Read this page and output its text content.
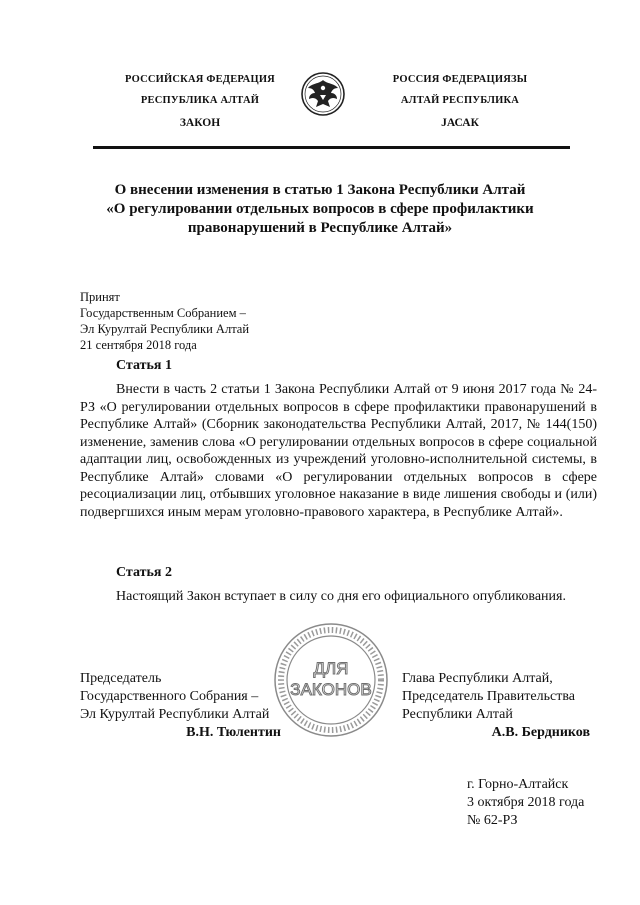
РОССИЙСКАЯ ФЕДЕРАЦИЯ
РЕСПУБЛИКА АЛТАЙ
ЗАКОН
РОССИЯ ФЕДЕРАЦИЯЗЫ
АЛТАЙ РЕСПУБЛИКА
ЈАСАК
О внесении изменения в статью 1 Закона Республики Алтай
«О регулировании отдельных вопросов в сфере профилактики
правонарушений в Республике Алтай»
Принят
Государственным Собранием –
Эл Курултай Республики Алтай
21 сентября 2018 года
Статья 1

Внести в часть 2 статьи 1 Закона Республики Алтай от 9 июня 2017 года № 24-РЗ «О регулировании отдельных вопросов в сфере профилактики правонарушений в Республике Алтай» (Сборник законодательства Республики Алтай, 2017, № 144(150) изменение, заменив слова «О регулировании отдельных вопросов в сфере социальной адаптации лиц, освобожденных из учреждений уголовно-исполнительной системы, в Республике Алтай» словами «О регулировании отдельных вопросов в сфере ресоциализации лиц, отбывших уголовное наказание в виде лишения свободы и (или) подвергшихся иным мерам уголовно-правового характера, в Республике Алтай».

Статья 2

Настоящий Закон вступает в силу со дня его официального опубликования.

ДЛЯ
ЗАКОНОВ
Председатель
Государственного Собрания –
Эл Курултай Республики Алтай
В.Н. Тюлентин
Глава Республики Алтай,
Председатель Правительства
Республики Алтай
А.В. Бердников
г. Горно-Алтайск
3 октября 2018 года
№ 62-РЗ
